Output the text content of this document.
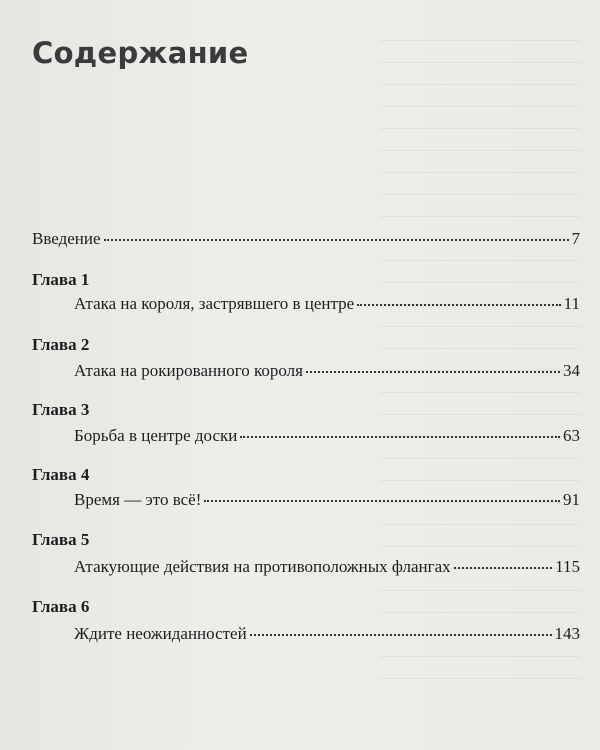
Содержание
Введение	7
Глава 1
Атака на короля, застрявшего в центре	11
Глава 2
Атака на рокированного короля	34
Глава 3
Борьба в центре доски	63
Глава 4
Время — это всё!	91
Глава 5
Атакующие действия на противоположных флангах	115
Глава 6
Ждите неожиданностей	143
